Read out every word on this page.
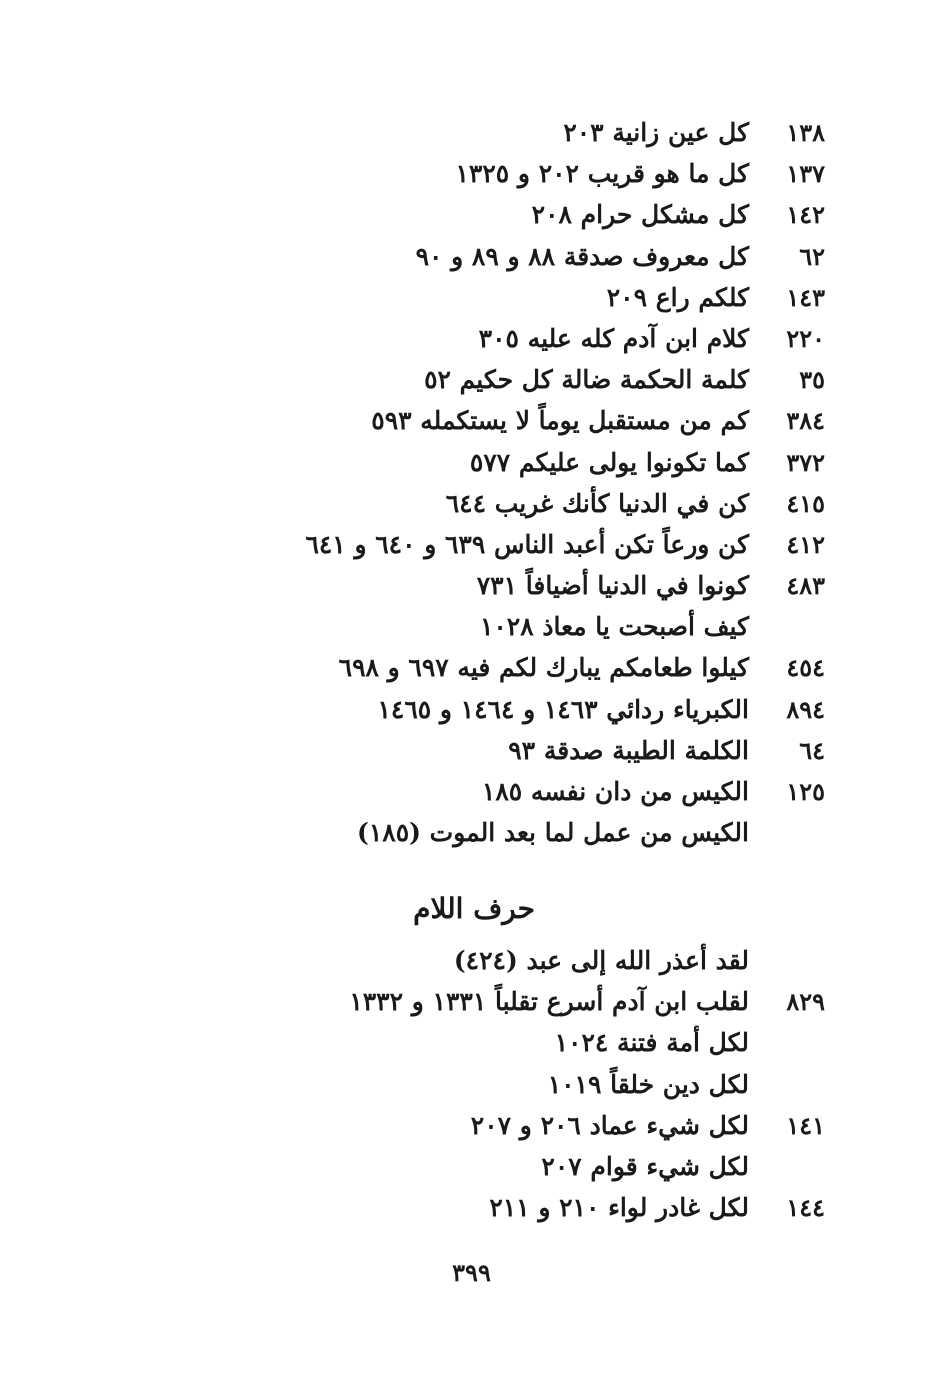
١٣٨
كل عين زانية ٢٠٣
١٣٧
كل ما هو قريب ٢٠٢ و ١٣٢٥
١٤٢
كل مشكل حرام ٢٠٨
٦٢
كل معروف صدقة ٨٨ و ٨٩ و ٩٠
١٤٣
كلكم راع ٢٠٩
٢٢٠
كلام ابن آدم كله عليه ٣٠٥
٣٥
كلمة الحكمة ضالة كل حكيم ٥٢
٣٨٤
كم من مستقبل يوماً لا يستكمله ٥٩٣
٣٧٢
كما تكونوا يولى عليكم ٥٧٧
٤١٥
كن في الدنيا كأنك غريب ٦٤٤
٤١٢
كن ورعاً تكن أعبد الناس ٦٣٩ و ٦٤٠ و ٦٤١
٤٨٣
كونوا في الدنيا أضيافاً ٧٣١
كيف أصبحت يا معاذ ١٠٢٨
٤٥٤
كيلوا طعامكم يبارك لكم فيه ٦٩٧ و ٦٩٨
٨٩٤
الكبرياء ردائي ١٤٦٣ و ١٤٦٤ و ١٤٦٥
٦٤
الكلمة الطيبة صدقة ٩٣
١٢٥
الكيس من دان نفسه ١٨٥
الكيس من عمل لما بعد الموت (١٨٥)
حرف اللام
لقد أعذر الله إلى عبد (٤٢٤)
٨٢٩
لقلب ابن آدم أسرع تقلباً ١٣٣١ و ١٣٣٢
لكل أمة فتنة ١٠٢٤
لكل دين خلقاً ١٠١٩
١٤١
لكل شيء عماد ٢٠٦ و ٢٠٧
لكل شيء قوام ٢٠٧
١٤٤
لكل غادر لواء ٢١٠ و ٢١١
٣٩٩
